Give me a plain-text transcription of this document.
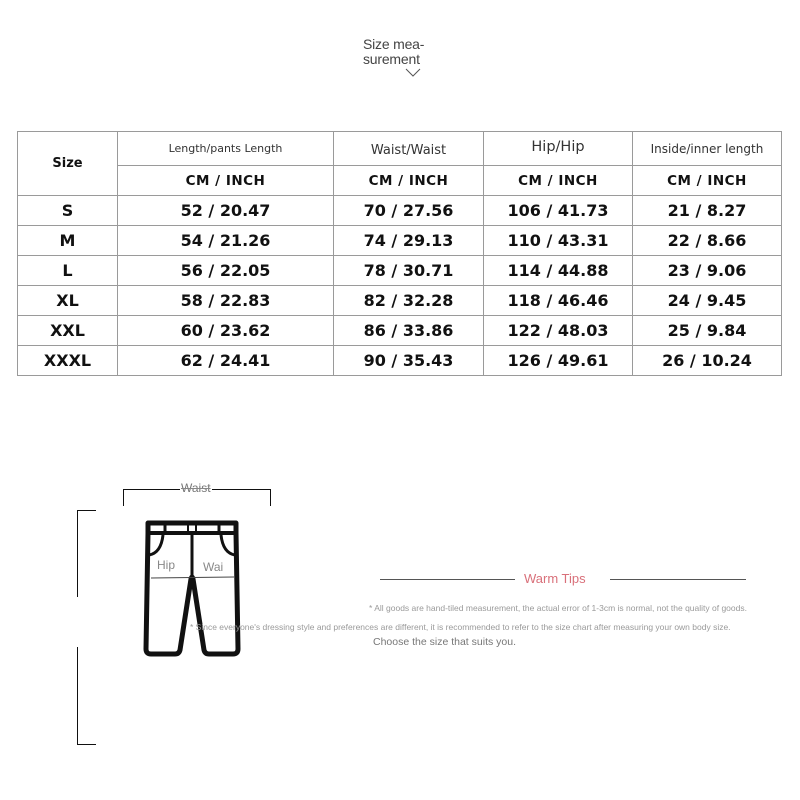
Size mea-
surement
Size	Length/pants Length	Waist/Waist	Hip/Hip	Inside/inner length
	CM / INCH	CM / INCH	CM / INCH	CM / INCH
S	52 / 20.47	70 / 27.56	106 / 41.73	21 / 8.27
M	54 / 21.26	74 / 29.13	110 / 43.31	22 / 8.66
L	56 / 22.05	78 / 30.71	114 / 44.88	23 / 9.06
XL	58 / 22.83	82 / 32.28	118 / 46.46	24 / 9.45
XXL	60 / 23.62	86 / 33.86	122 / 48.03	25 / 9.84
XXXL	62 / 24.41	90 / 35.43	126 / 49.61	26 / 10.24
Waist
Hip Wai
Warm Tips
* All goods are hand-tiled measurement, the actual error of 1-3cm is normal, not the quality of goods.
* Since everyone's dressing style and preferences are different, it is recommended to refer to the size chart after measuring your own body size.
Choose the size that suits you.
